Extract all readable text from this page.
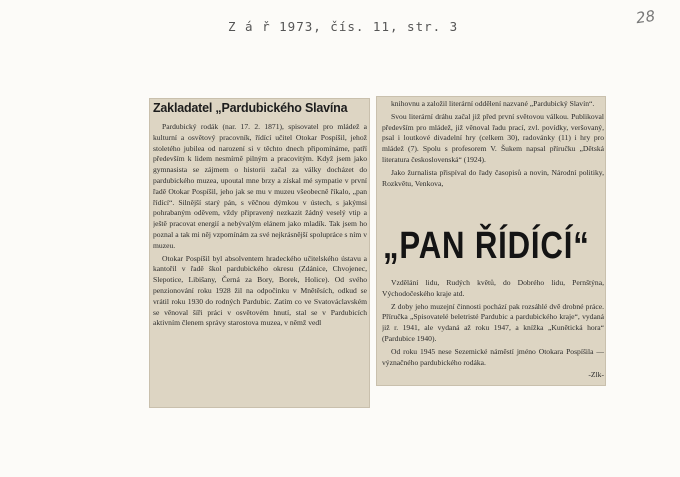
Z á ř 1973, čís. 11, str. 3	28
Zakladatel „Pardubického Slavína

Pardubický rodák (nar. 17. 2. 1871), spisovatel pro mládež a kulturní a osvětový pracovník, řídící učitel Otokar Pospíšil, jehož stoletého jubilea od narození si v těchto dnech připomínáme, patří především k lidem nesmírně pilným a pracovitým. Když jsem jako gymnasista se zájmem o historii začal za války docházet do pardubického muzea, upoutal mne brzy a získal mé sympatie v první řadě Otokar Pospíšil, jeho jak se mu v muzeu všeobecně říkalo, „pan řídící“. Silnější starý pán, s věčnou dýmkou v ústech, s jakýmsi pohrabaným oděvem, vždy připravený nezkazit žádný veselý vtip a ještě pracovat energií a nebývalým elánem jako mladík. Tak jsem ho poznal a tak mi něj vzpomínám za své nejkrásnější spolupráce s ním v muzeu.

Otokar Pospíšil byl absolventem hradeckého učitelského ústavu a kantořil v řadě škol pardubického okresu (Zdánice, Chvojenec, Slepotice, Libišany, Černá za Bory, Borek, Holice). Od svého penzionování roku 1928 žil na odpočinku v Mnětěsích, odkud se vrátil roku 1930 do rodných Pardubic. Zatím co ve Svatováclavském se věnoval šíři práci v osvětovém hnutí, stal se v Pardubicích aktivním členem správy starostova muzea, v němž vedl

knihovnu a založil literární oddělení nazvané „Pardubický Slavín“.

Svou literární dráhu začal již před první světovou válkou. Publikoval především pro mládež, již věnoval řadu prací, zvl. povídky, veršovaný, psal i loutkové divadelní hry (celkem 30), radovánky (11) i hry pro mládež (7). Spolu s profesorem V. Šukem napsal příručku „Dětská literatura československá“ (1924).

Jako žurnalista přispíval do řady časopisů a novin, Národní politiky, Rozkvětu, Venkova,

„PAN ŘÍDÍCÍ“

Vzdělání lidu, Rudých květů, do Dobrého lidu, Pernštýna, Východočeského kraje atd.

Z doby jeho muzejní činnosti pochází pak rozsáhlé dvě drobné práce. Příručka „Spisovatelé beletristé Pardubic a pardubického kraje“, vydaná již r. 1941, ale vydaná až roku 1947, a knížka „Kunětická hora“ (Pardubice 1940).

Od roku 1945 nese Sezemické náměstí jméno Otokara Pospíšila — význačného pardubického rodáka.

-Zlk-
